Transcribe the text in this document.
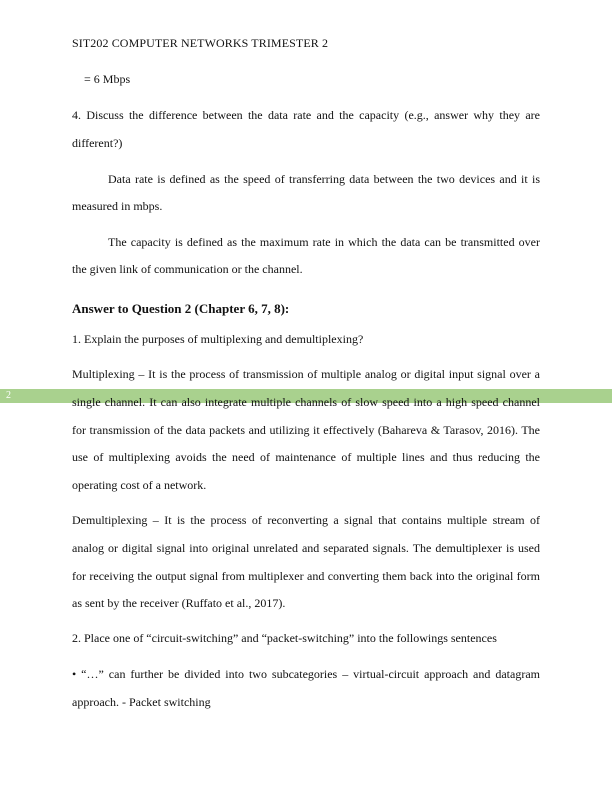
SIT202 COMPUTER NETWORKS TRIMESTER 2
= 6 Mbps
4. Discuss the difference between the data rate and the capacity (e.g., answer why they are
different?)
Data rate is defined as the speed of transferring data between the two devices and it is
measured in mbps.
The capacity is defined as the maximum rate in which the data can be transmitted over
the given link of communication or the channel.
Answer to Question 2 (Chapter 6, 7, 8):
1. Explain the purposes of multiplexing and demultiplexing?
Multiplexing – It is the process of transmission of multiple analog or digital input signal over a
2	single channel. It can also integrate multiple channels of slow speed into a high speed channel
for transmission of the data packets and utilizing it effectively (Bahareva & Tarasov, 2016). The
use of multiplexing avoids the need of maintenance of multiple lines and thus reducing the
operating cost of a network.
Demultiplexing – It is the process of reconverting a signal that contains multiple stream of
analog or digital signal into original unrelated and separated signals. The demultiplexer is used
for receiving the output signal from multiplexer and converting them back into the original form
as sent by the receiver (Ruffato et al., 2017).
2. Place one of “circuit-switching” and “packet-switching” into the followings sentences
• “…” can further be divided into two subcategories – virtual-circuit approach and datagram
approach. - Packet switching
